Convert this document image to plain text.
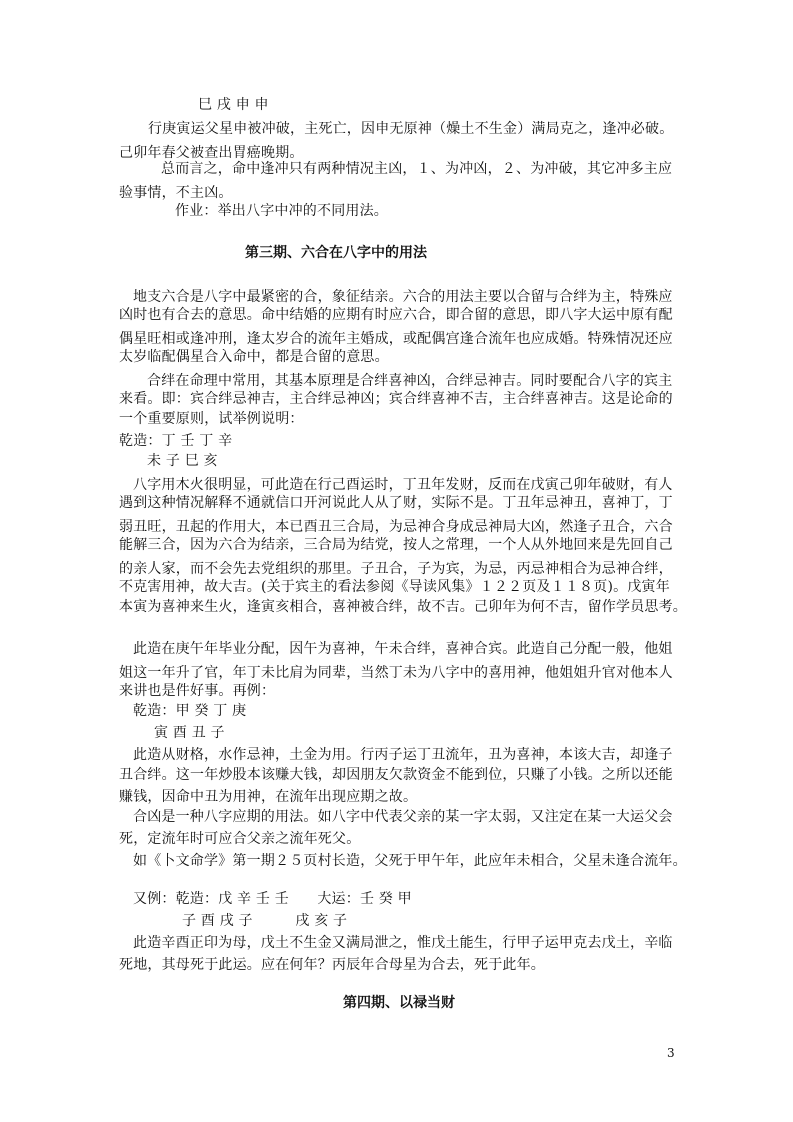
巳 戌 申 申
行庚寅运父星申被冲破，主死亡，因申无原神（燥土不生金）满局克之，逢冲必破。
己卯年春父被查出胃癌晚期。
总而言之，命中逢冲只有两种情况主凶，１、为冲凶，２、为冲破，其它冲多主应
验事情，不主凶。
作业：举出八字中冲的不同用法。
第三期、六合在八字中的用法
地支六合是八字中最紧密的合，象征结亲。六合的用法主要以合留与合绊为主，特殊应
凶时也有合去的意思。命中结婚的应期有时应六合，即合留的意思，即八字大运中原有配
偶星旺相或逢冲刑，逢太岁合的流年主婚成，或配偶宫逢合流年也应成婚。特殊情况还应
太岁临配偶星合入命中，都是合留的意思。
合绊在命理中常用，其基本原理是合绊喜神凶，合绊忌神吉。同时要配合八字的宾主
来看。即：宾合绊忌神吉，主合绊忌神凶；宾合绊喜神不吉，主合绊喜神吉。这是论命的
一个重要原则，试举例说明：
乾造：丁 壬 丁 辛
未 子 巳 亥
八字用木火很明显，可此造在行己酉运时，丁丑年发财，反而在戊寅己卯年破财，有人
遇到这种情况解释不通就信口开河说此人从了财，实际不是。丁丑年忌神丑，喜神丁，丁
弱丑旺，丑起的作用大，本已酉丑三合局，为忌神合身成忌神局大凶，然逢子丑合，六合
能解三合，因为六合为结亲，三合局为结党，按人之常理，一个人从外地回来是先回自己
的亲人家，而不会先去党组织的那里。子丑合，子为宾，为忌，丙忌神相合为忌神合绊，
不克害用神，故大吉。(关于宾主的看法参阅《导读风集》１２２页及１１８页)。戊寅年
本寅为喜神来生火，逢寅亥相合，喜神被合绊，故不吉。己卯年为何不吉，留作学员思考。
此造在庚午年毕业分配，因午为喜神，午未合绊，喜神合宾。此造自己分配一般，他姐
姐这一年升了官，年丁未比肩为同辈，当然丁未为八字中的喜用神，他姐姐升官对他本人
来讲也是件好事。再例：
乾造：甲 癸 丁 庚
寅 酉 丑 子
此造从财格，水作忌神，土金为用。行丙子运丁丑流年，丑为喜神，本该大吉，却逢子
丑合绊。这一年炒股本该赚大钱，却因朋友欠款资金不能到位，只赚了小钱。之所以还能
赚钱，因命中丑为用神，在流年出现应期之故。
合凶是一种八字应期的用法。如八字中代表父亲的某一字太弱，又注定在某一大运父会
死，定流年时可应合父亲之流年死父。
如《卜文命学》第一期２５页村长造，父死于甲午年，此应年未相合，父星未逢合流年。
又例：乾造：戊 辛 壬 壬　　大运：壬 癸 甲
子 酉 戌 子　　　戌 亥 子
此造辛酉正印为母，戊土不生金又满局泄之，惟戊土能生，行甲子运甲克去戊土，辛临
死地，其母死于此运。应在何年？丙辰年合母星为合去，死于此年。
第四期、以禄当财
3
